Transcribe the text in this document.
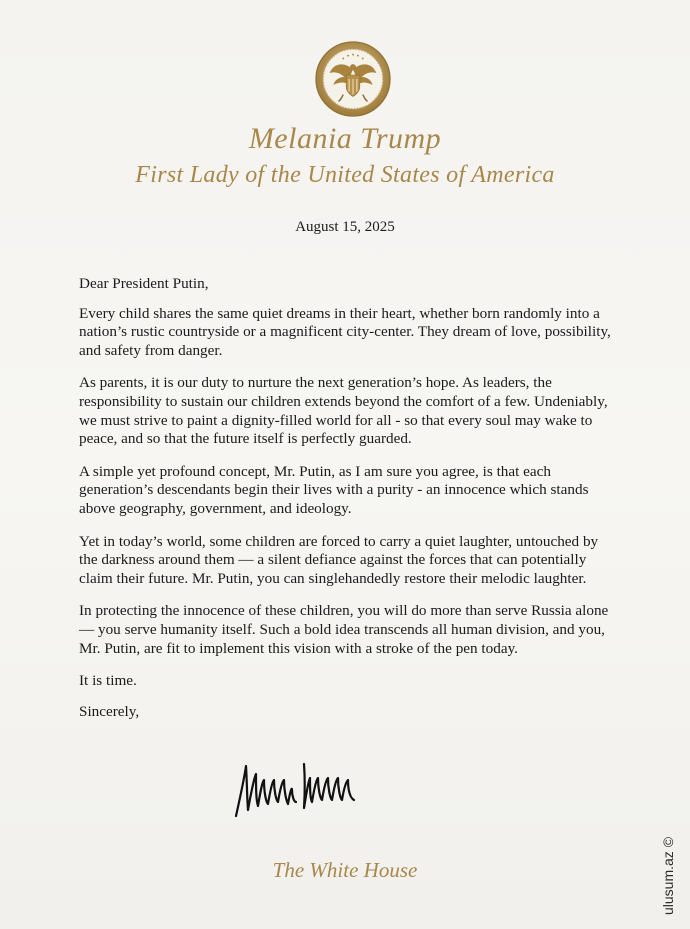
Melania Trump
First Lady of the United States of America
August 15, 2025

Dear President Putin,

Every child shares the same quiet dreams in their heart, whether born randomly into a nation’s rustic countryside or a magnificent city-center. They dream of love, possibility, and safety from danger.

As parents, it is our duty to nurture the next generation’s hope. As leaders, the responsibility to sustain our children extends beyond the comfort of a few. Undeniably, we must strive to paint a dignity-filled world for all - so that every soul may wake to peace, and so that the future itself is perfectly guarded.

A simple yet profound concept, Mr. Putin, as I am sure you agree, is that each generation’s descendants begin their lives with a purity - an innocence which stands above geography, government, and ideology.

Yet in today’s world, some children are forced to carry a quiet laughter, untouched by the darkness around them — a silent defiance against the forces that can potentially claim their future. Mr. Putin, you can singlehandedly restore their melodic laughter.

In protecting the innocence of these children, you will do more than serve Russia alone — you serve humanity itself. Such a bold idea transcends all human division, and you, Mr. Putin, are fit to implement this vision with a stroke of the pen today.

It is time.

Sincerely,

The White House	ulusum.az ©
